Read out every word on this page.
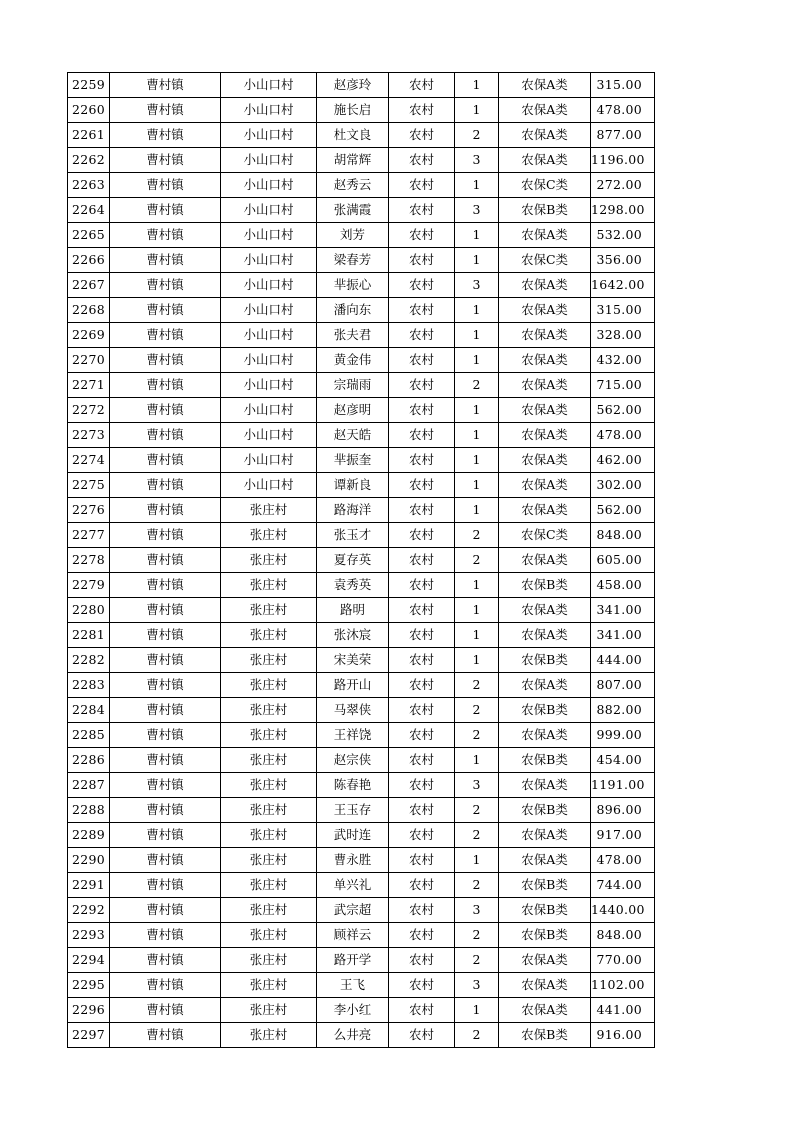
2259	曹村镇	小山口村	赵彦玲	农村	1	农保A类	315.00
2260	曹村镇	小山口村	施长启	农村	1	农保A类	478.00
2261	曹村镇	小山口村	杜文良	农村	2	农保A类	877.00
2262	曹村镇	小山口村	胡常辉	农村	3	农保A类	1196.00
2263	曹村镇	小山口村	赵秀云	农村	1	农保C类	272.00
2264	曹村镇	小山口村	张满霞	农村	3	农保B类	1298.00
2265	曹村镇	小山口村	刘芳	农村	1	农保A类	532.00
2266	曹村镇	小山口村	梁春芳	农村	1	农保C类	356.00
2267	曹村镇	小山口村	芈振心	农村	3	农保A类	1642.00
2268	曹村镇	小山口村	潘向东	农村	1	农保A类	315.00
2269	曹村镇	小山口村	张夫君	农村	1	农保A类	328.00
2270	曹村镇	小山口村	黄金伟	农村	1	农保A类	432.00
2271	曹村镇	小山口村	宗瑞雨	农村	2	农保A类	715.00
2272	曹村镇	小山口村	赵彦明	农村	1	农保A类	562.00
2273	曹村镇	小山口村	赵天皓	农村	1	农保A类	478.00
2274	曹村镇	小山口村	芈振奎	农村	1	农保A类	462.00
2275	曹村镇	小山口村	谭新良	农村	1	农保A类	302.00
2276	曹村镇	张庄村	路海洋	农村	1	农保A类	562.00
2277	曹村镇	张庄村	张玉才	农村	2	农保C类	848.00
2278	曹村镇	张庄村	夏存英	农村	2	农保A类	605.00
2279	曹村镇	张庄村	袁秀英	农村	1	农保B类	458.00
2280	曹村镇	张庄村	路明	农村	1	农保A类	341.00
2281	曹村镇	张庄村	张沐宸	农村	1	农保A类	341.00
2282	曹村镇	张庄村	宋美荣	农村	1	农保B类	444.00
2283	曹村镇	张庄村	路开山	农村	2	农保A类	807.00
2284	曹村镇	张庄村	马翠侠	农村	2	农保B类	882.00
2285	曹村镇	张庄村	王祥饶	农村	2	农保A类	999.00
2286	曹村镇	张庄村	赵宗侠	农村	1	农保B类	454.00
2287	曹村镇	张庄村	陈春艳	农村	3	农保A类	1191.00
2288	曹村镇	张庄村	王玉存	农村	2	农保B类	896.00
2289	曹村镇	张庄村	武时连	农村	2	农保A类	917.00
2290	曹村镇	张庄村	曹永胜	农村	1	农保A类	478.00
2291	曹村镇	张庄村	单兴礼	农村	2	农保B类	744.00
2292	曹村镇	张庄村	武宗超	农村	3	农保B类	1440.00
2293	曹村镇	张庄村	顾祥云	农村	2	农保B类	848.00
2294	曹村镇	张庄村	路开学	农村	2	农保A类	770.00
2295	曹村镇	张庄村	王飞	农村	3	农保A类	1102.00
2296	曹村镇	张庄村	李小红	农村	1	农保A类	441.00
2297	曹村镇	张庄村	么井亮	农村	2	农保B类	916.00
